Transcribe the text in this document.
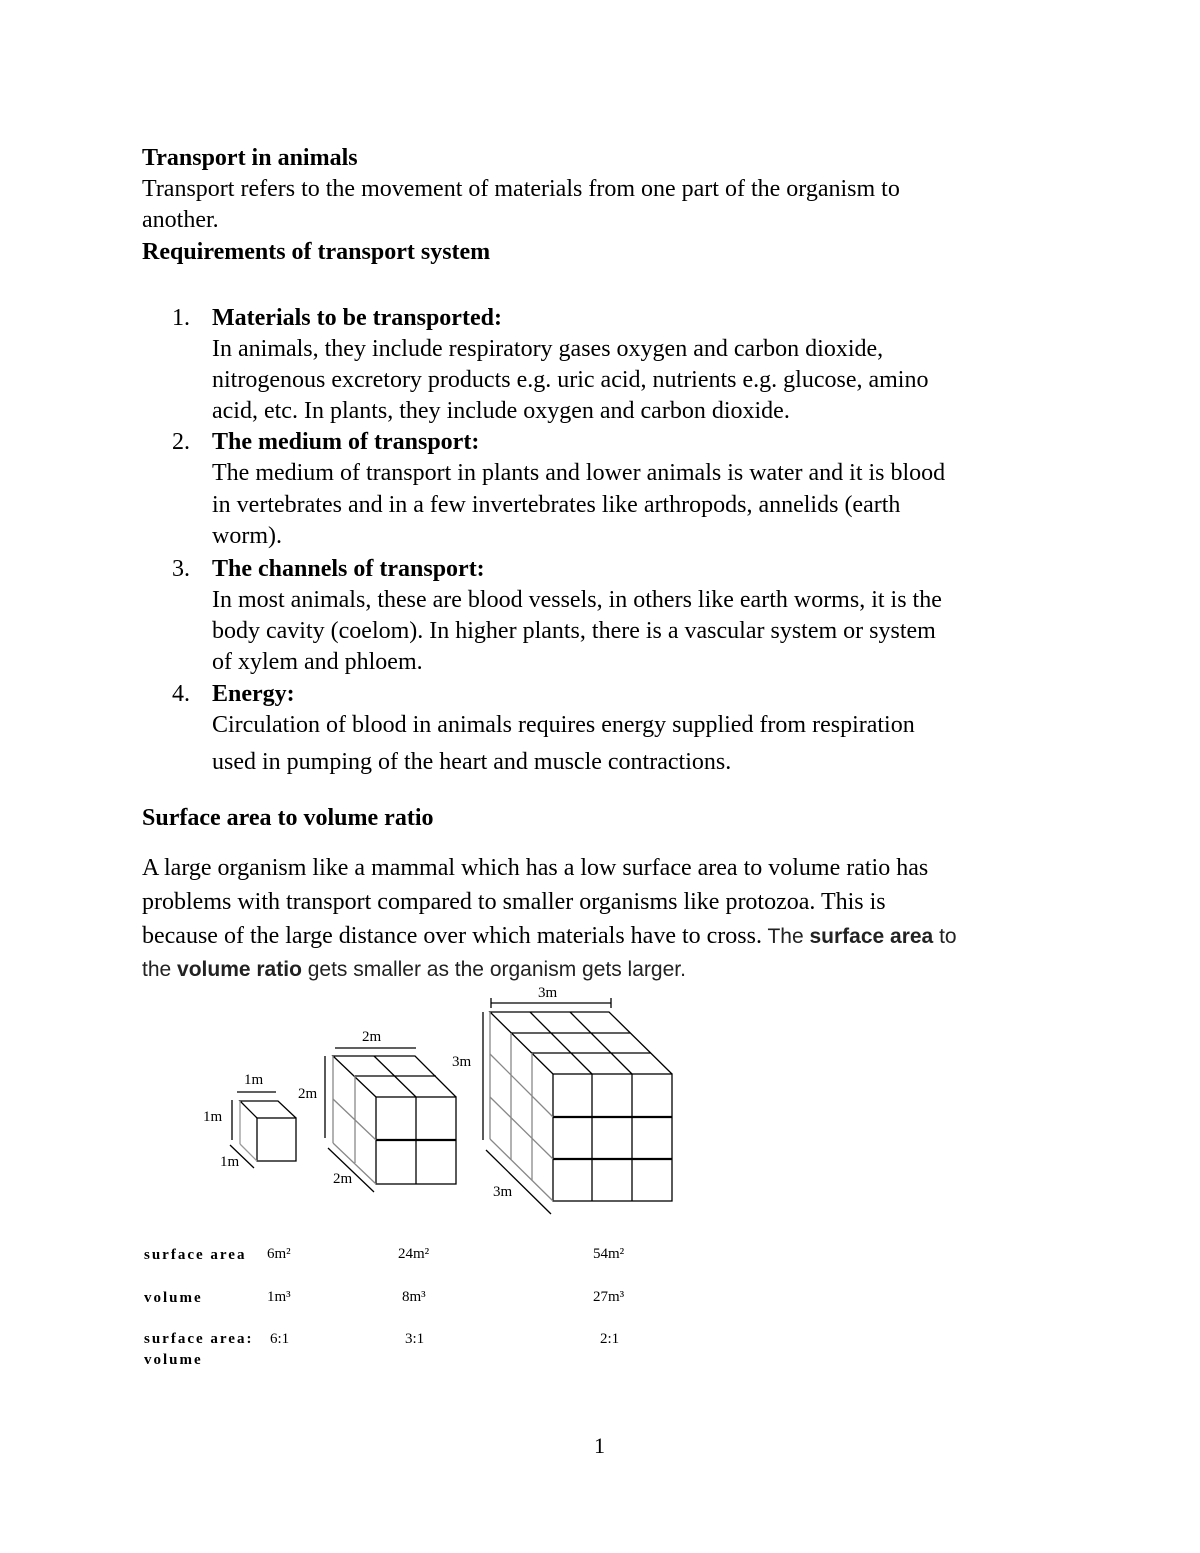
Transport in animals
Transport refers to the movement of materials from one part of the organism to
another.
Requirements of transport system
1. Materials to be transported:
In animals, they include respiratory gases oxygen and carbon dioxide,
nitrogenous excretory products e.g. uric acid, nutrients e.g. glucose, amino
acid, etc. In plants, they include oxygen and carbon dioxide.
2. The medium of transport:
The medium of transport in plants and lower animals is water and it is blood
in vertebrates and in a few invertebrates like arthropods, annelids (earth
worm).
3. The channels of transport:
In most animals, these are blood vessels, in others like earth worms, it is the
body cavity (coelom). In higher plants, there is a vascular system or system
of xylem and phloem.
4. Energy:
Circulation of blood in animals requires energy supplied from respiration
used in pumping of the heart and muscle contractions.
Surface area to volume ratio
A large organism like a mammal which has a low surface area to volume ratio has
problems with transport compared to smaller organisms like protozoa. This is
because of the large distance over which materials have to cross. The surface area to
the volume ratio gets smaller as the organism gets larger.
1m
1m
1m
2m
2m
2m
3m
3m
3m
surface area 6m²	24m²	54m²
volume	1m³	8m³	27m³
surface area:
volume
6:1	3:1	2:1
1
